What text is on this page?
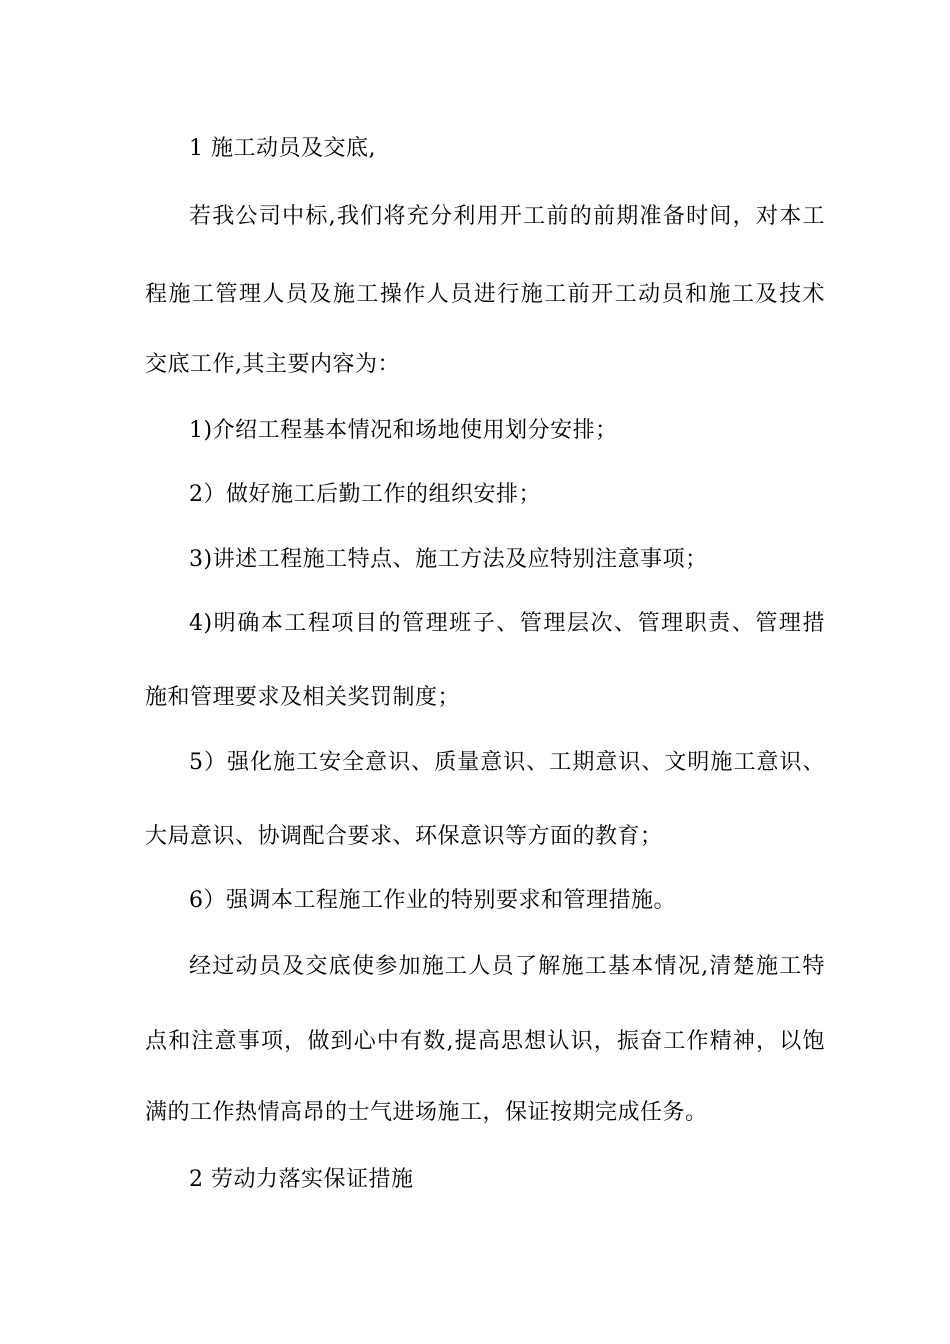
1 施工动员及交底,
若我公司中标,我们将充分利用开工前的前期准备时间，对本工
程施工管理人员及施工操作人员进行施工前开工动员和施工及技术
交底工作,其主要内容为：
1)介绍工程基本情况和场地使用划分安排；
2）做好施工后勤工作的组织安排；
3)讲述工程施工特点、施工方法及应特别注意事项；
4)明确本工程项目的管理班子、管理层次、管理职责、管理措
施和管理要求及相关奖罚制度；
5）强化施工安全意识、质量意识、工期意识、文明施工意识、
大局意识、协调配合要求、环保意识等方面的教育；
6）强调本工程施工作业的特别要求和管理措施。
经过动员及交底使参加施工人员了解施工基本情况,清楚施工特
点和注意事项，做到心中有数,提高思想认识，振奋工作精神，以饱
满的工作热情高昂的士气进场施工，保证按期完成任务。
2 劳动力落实保证措施
